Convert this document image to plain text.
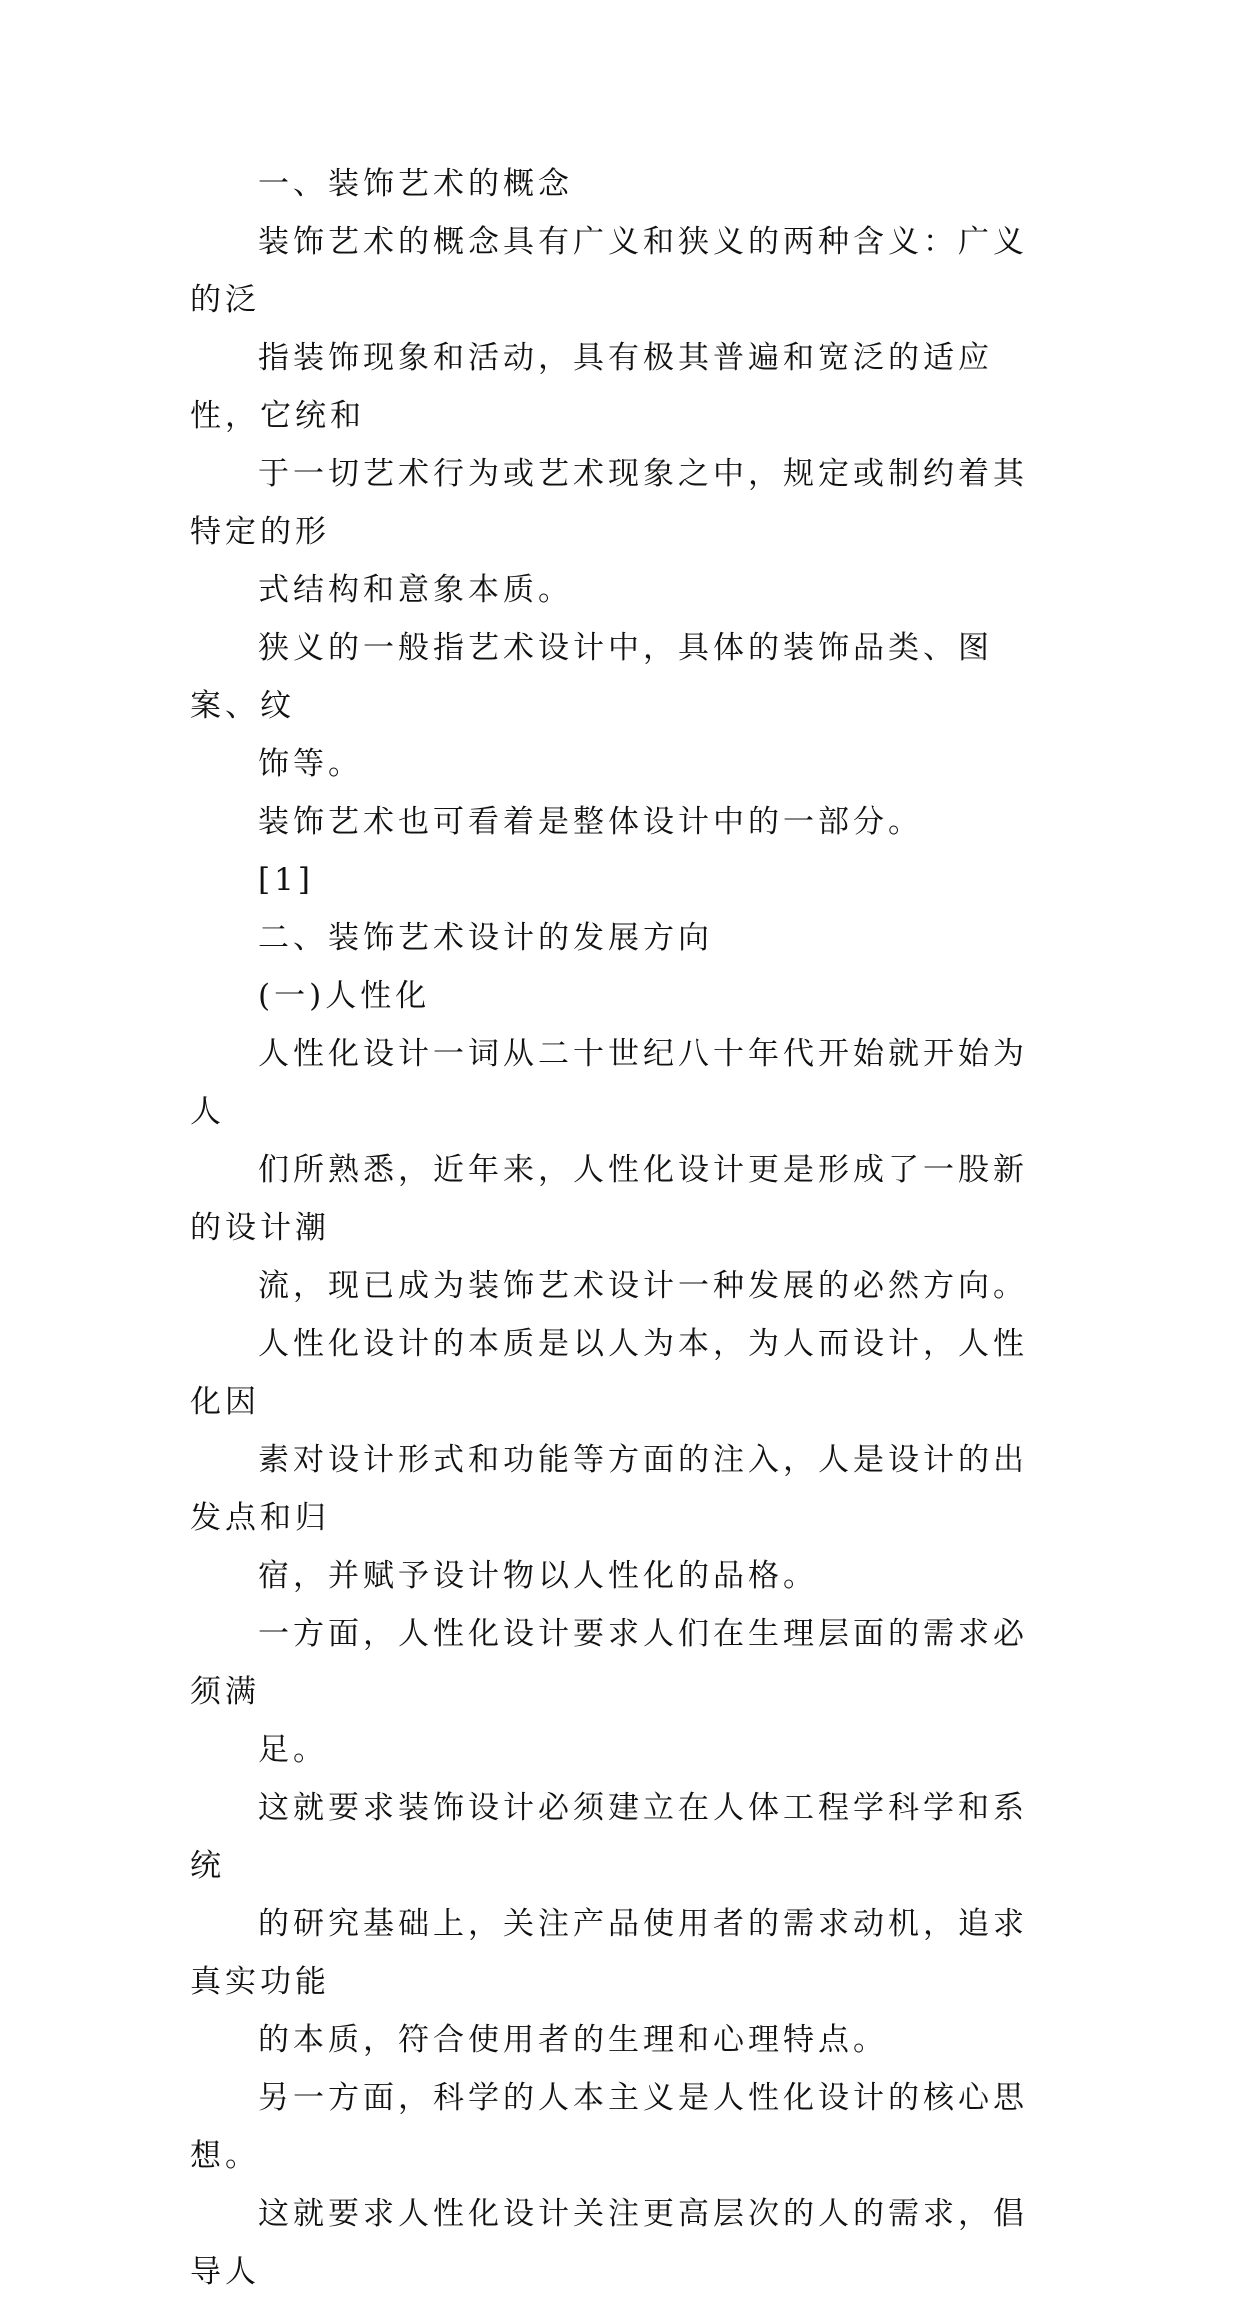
一、装饰艺术的概念

装饰艺术的概念具有广义和狭义的两种含义：广义的泛
指装饰现象和活动，具有极其普遍和宽泛的适应性，它统和
于一切艺术行为或艺术现象之中，规定或制约着其特定的形
式结构和意象本质。

狭义的一般指艺术设计中，具体的装饰品类、图案、纹
饰等。

装饰艺术也可看着是整体设计中的一部分。

[1]

二、装饰艺术设计的发展方向

(一)人性化

人性化设计一词从二十世纪八十年代开始就开始为人
们所熟悉，近年来，人性化设计更是形成了一股新的设计潮
流，现已成为装饰艺术设计一种发展的必然方向。

人性化设计的本质是以人为本，为人而设计，人性化因
素对设计形式和功能等方面的注入，人是设计的出发点和归
宿，并赋予设计物以人性化的品格。

一方面，人性化设计要求人们在生理层面的需求必须满
足。

这就要求装饰设计必须建立在人体工程学科学和系统
的研究基础上，关注产品使用者的需求动机，追求真实功能
的本质，符合使用者的生理和心理特点。

另一方面，科学的人本主义是人性化设计的核心思想。

这就要求人性化设计关注更高层次的人的需求，倡导人
